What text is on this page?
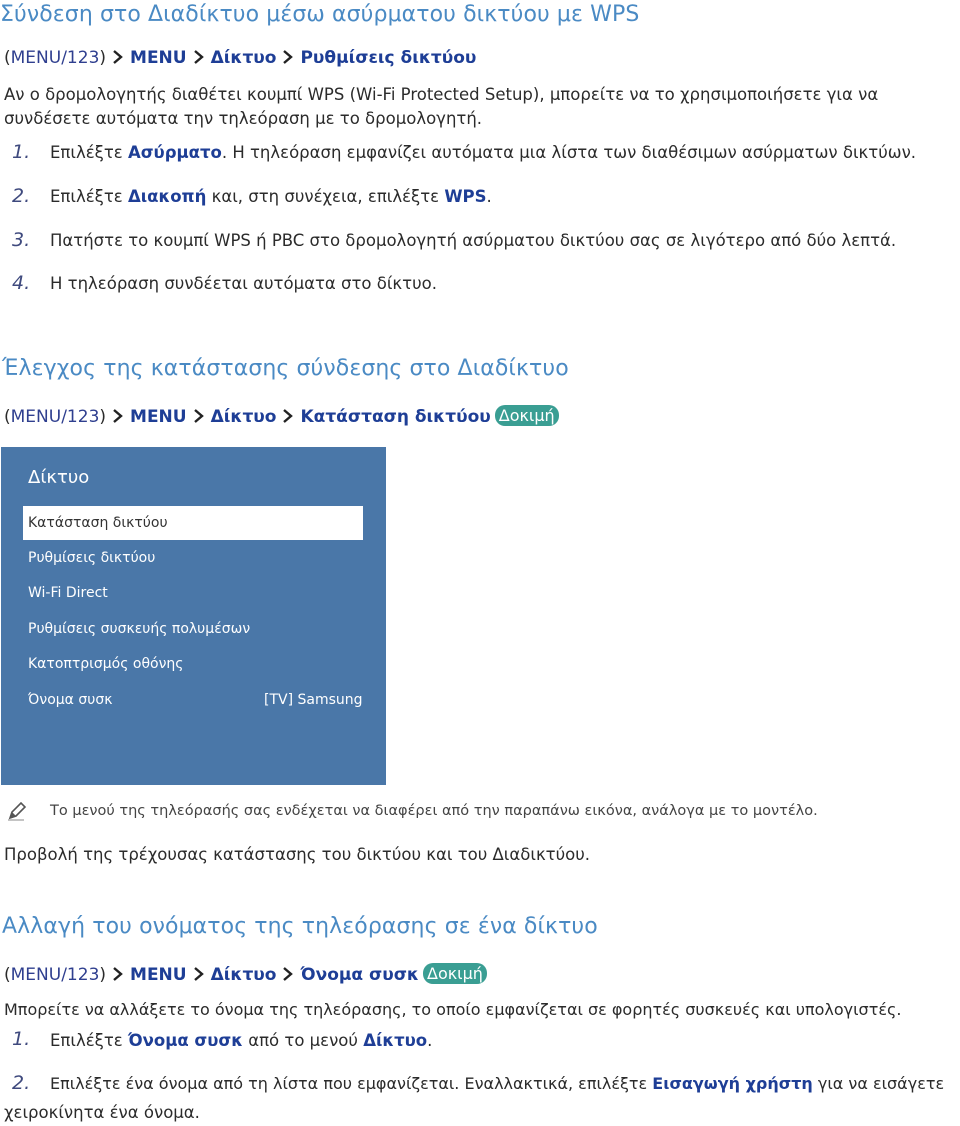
Σύνδεση στο Διαδίκτυο μέσω ασύρματου δικτύου με WPS
(MENU/123) MENU Δίκτυο Ρυθμίσεις δικτύου
Αν ο δρομολογητής διαθέτει κουμπί WPS (Wi-Fi Protected Setup), μπορείτε να το χρησιμοποιήσετε για να συνδέσετε αυτόματα την τηλεόραση με το δρομολογητή.
1.	Επιλέξτε Ασύρματο. Η τηλεόραση εμφανίζει αυτόματα μια λίστα των διαθέσιμων ασύρματων δικτύων.
2.	Επιλέξτε Διακοπή και, στη συνέχεια, επιλέξτε WPS.
3.	Πατήστε το κουμπί WPS ή PBC στο δρομολογητή ασύρματου δικτύου σας σε λιγότερο από δύο λεπτά.
4.	Η τηλεόραση συνδέεται αυτόματα στο δίκτυο.
Έλεγχος της κατάστασης σύνδεσης στο Διαδίκτυο
(MENU/123) MENU Δίκτυο Κατάσταση δικτύου Δοκιμή
Δίκτυο
Κατάσταση δικτύου
Ρυθμίσεις δικτύου
Wi-Fi Direct
Ρυθμίσεις συσκευής πολυμέσων
Κατοπτρισμός οθόνης
Όνομα συσκ	[TV] Samsung
Το μενού της τηλεόρασής σας ενδέχεται να διαφέρει από την παραπάνω εικόνα, ανάλογα με το μοντέλο.
Προβολή της τρέχουσας κατάστασης του δικτύου και του Διαδικτύου.
Αλλαγή του ονόματος της τηλεόρασης σε ένα δίκτυο
(MENU/123) MENU Δίκτυο Όνομα συσκ Δοκιμή
Μπορείτε να αλλάξετε το όνομα της τηλεόρασης, το οποίο εμφανίζεται σε φορητές συσκευές και υπολογιστές.
1.	Επιλέξτε Όνομα συσκ από το μενού Δίκτυο.
2.	Επιλέξτε ένα όνομα από τη λίστα που εμφανίζεται. Εναλλακτικά, επιλέξτε Εισαγωγή χρήστη για να εισάγετε
χειροκίνητα ένα όνομα.
